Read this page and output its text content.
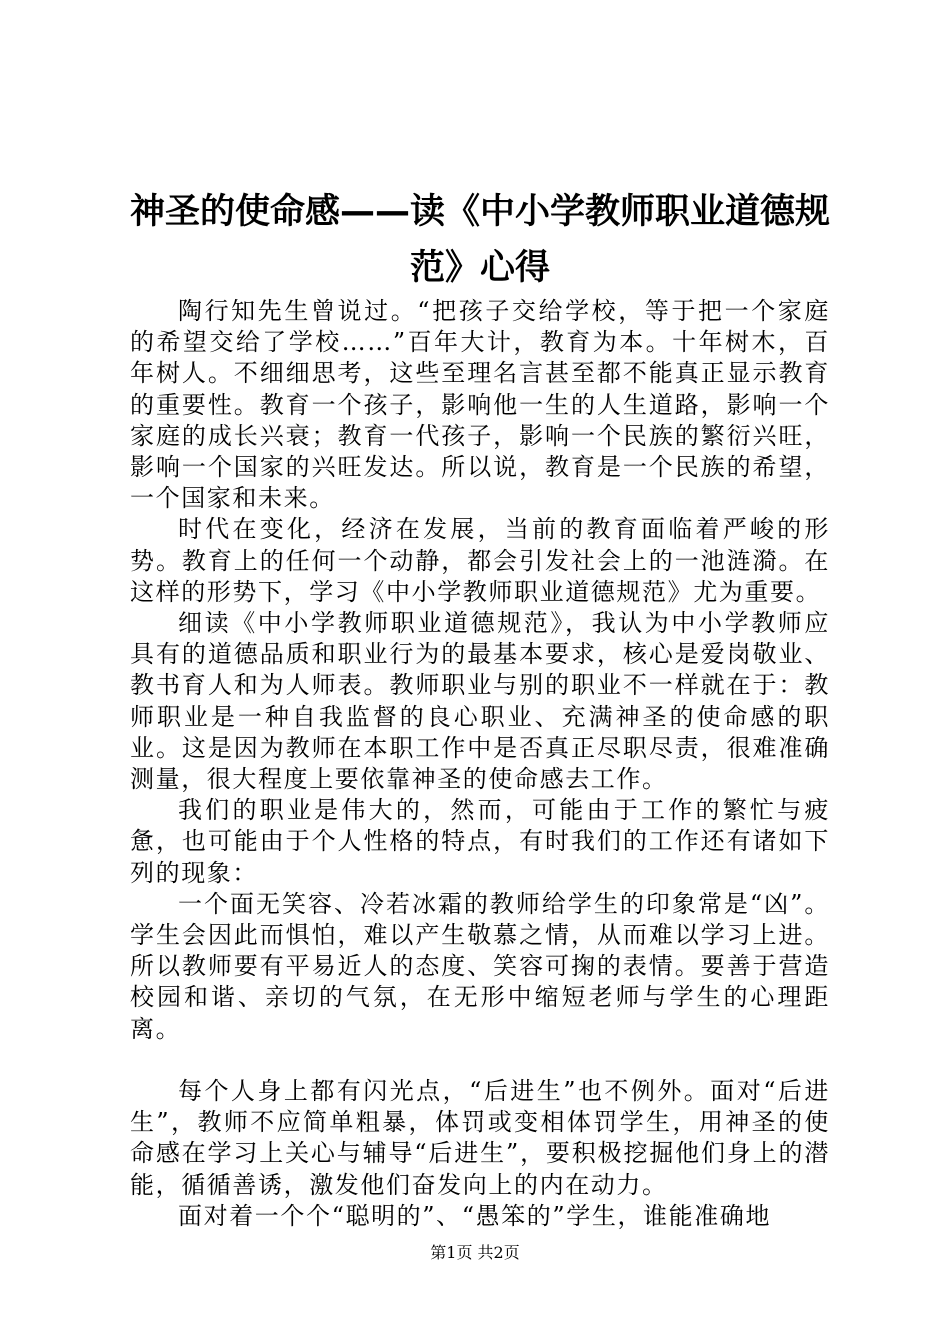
神圣的使命感——读《中小学教师职业道德规范》心得

陶行知先生曾说过。“把孩子交给学校，等于把一个家庭的希望交给了学校……”百年大计，教育为本。十年树木，百年树人。不细细思考，这些至理名言甚至都不能真正显示教育的重要性。教育一个孩子，影响他一生的人生道路，影响一个家庭的成长兴衰；教育一代孩子，影响一个民族的繁衍兴旺，影响一个国家的兴旺发达。所以说，教育是一个民族的希望，一个国家和未来。

时代在变化，经济在发展，当前的教育面临着严峻的形势。教育上的任何一个动静，都会引发社会上的一池涟漪。在这样的形势下，学习《中小学教师职业道德规范》尤为重要。

细读《中小学教师职业道德规范》，我认为中小学教师应具有的道德品质和职业行为的最基本要求，核心是爱岗敬业、教书育人和为人师表。教师职业与别的职业不一样就在于：教师职业是一种自我监督的良心职业、充满神圣的使命感的职业。这是因为教师在本职工作中是否真正尽职尽责，很难准确测量，很大程度上要依靠神圣的使命感去工作。

我们的职业是伟大的，然而，可能由于工作的繁忙与疲惫，也可能由于个人性格的特点，有时我们的工作还有诸如下列的现象：

一个面无笑容、冷若冰霜的教师给学生的印象常是“凶”。学生会因此而惧怕，难以产生敬慕之情，从而难以学习上进。所以教师要有平易近人的态度、笑容可掬的表情。要善于营造校园和谐、亲切的气氛，在无形中缩短老师与学生的心理距离。

每个人身上都有闪光点，“后进生”也不例外。面对“后进生”，教师不应简单粗暴，体罚或变相体罚学生，用神圣的使命感在学习上关心与辅导“后进生”，要积极挖掘他们身上的潜能，循循善诱，激发他们奋发向上的内在动力。

面对着一个个“聪明的”、“愚笨的”学生，谁能准确地

第1页 共2页
